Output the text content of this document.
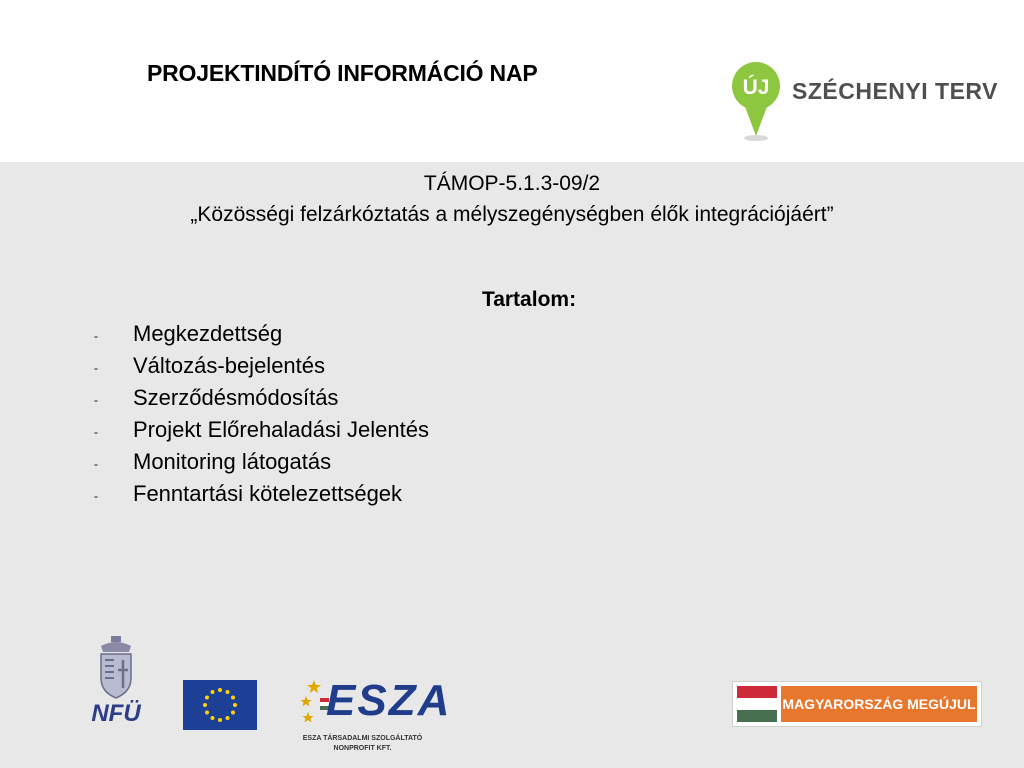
PROJEKTINDÍTÓ INFORMÁCIÓ NAP
ÚJ SZÉCHENYI TERV
TÁMOP-5.1.3-09/2
„Közösségi felzárkóztatás a mélyszegénységben élők integrációjáért”
Tartalom:
- Megkezdettség
- Változás-bejelentés
- Szerződésmódosítás
- Projekt Előrehaladási Jelentés
- Monitoring látogatás
- Fenntartási kötelezettségek
NFÜ	ESZA
ESZA TÁRSADALMI SZOLGÁLTATÓ
NONPROFIT KFT.
MAGYARORSZÁG MEGÚJUL
